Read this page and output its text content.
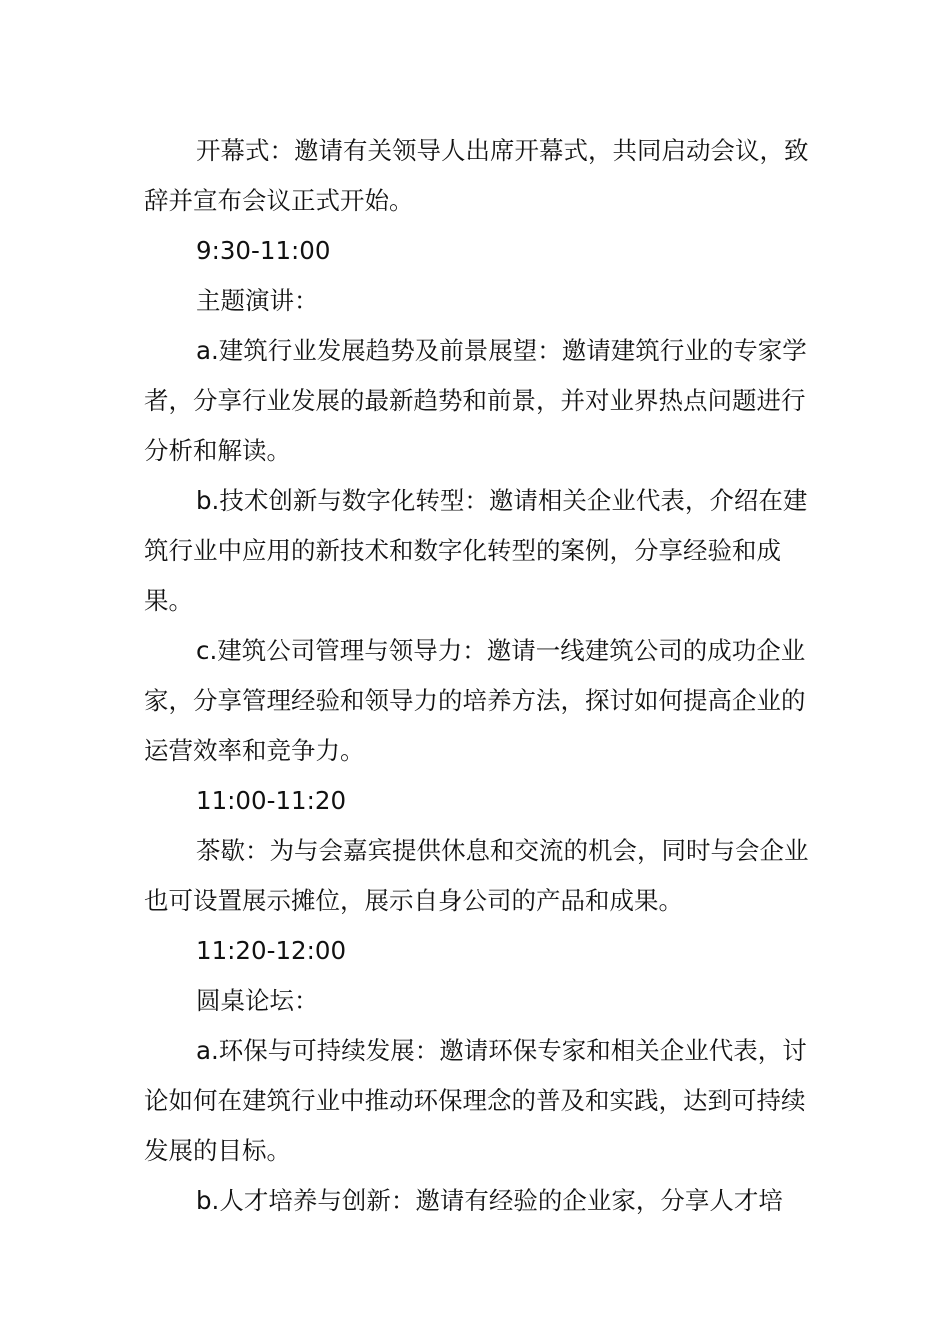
开幕式：邀请有关领导人出席开幕式，共同启动会议，致辞并宣布会议正式开始。

9:30-11:00

主题演讲：

a.建筑行业发展趋势及前景展望：邀请建筑行业的专家学者，分享行业发展的最新趋势和前景，并对业界热点问题进行分析和解读。

b.技术创新与数字化转型：邀请相关企业代表，介绍在建筑行业中应用的新技术和数字化转型的案例，分享经验和成果。

c.建筑公司管理与领导力：邀请一线建筑公司的成功企业家，分享管理经验和领导力的培养方法，探讨如何提高企业的运营效率和竞争力。

11:00-11:20

茶歇：为与会嘉宾提供休息和交流的机会，同时与会企业也可设置展示摊位，展示自身公司的产品和成果。

11:20-12:00

圆桌论坛：

a.环保与可持续发展：邀请环保专家和相关企业代表，讨论如何在建筑行业中推动环保理念的普及和实践，达到可持续发展的目标。

b.人才培养与创新：邀请有经验的企业家，分享人才培
